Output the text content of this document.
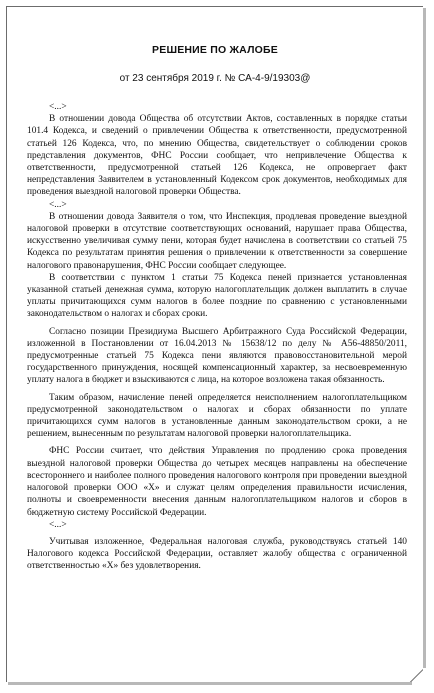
РЕШЕНИЕ ПО ЖАЛОБЕ
от 23 сентября 2019 г. № СА-4-9/19303@

<...>

В отношении довода Общества об отсутствии Актов, составленных в порядке статьи 101.4 Кодекса, и сведений о привлечении Общества к ответственности, предусмотренной статьей 126 Кодекса, что, по мнению Общества, свидетельствует о соблюдении сроков представления документов, ФНС России сообщает, что непривлечение Общества к ответственности, предусмотренной статьей 126 Кодекса, не опровергает факт непредставления Заявителем в установленный Кодексом срок документов, необходимых для проведения выездной налоговой проверки Общества.

<...>

В отношении довода Заявителя о том, что Инспекция, продлевая проведение выездной налоговой проверки в отсутствие соответствующих оснований, нарушает права Общества, искусственно увеличивая сумму пени, которая будет начислена в соответствии со статьей 75 Кодекса по результатам принятия решения о привлечении к ответственности за совершение налогового правонарушения, ФНС России сообщает следующее.

В соответствии с пунктом 1 статьи 75 Кодекса пеней признается установленная указанной статьей денежная сумма, которую налогоплательщик должен выплатить в случае уплаты причитающихся сумм налогов в более поздние по сравнению с установленными законодательством о налогах и сборах сроки.

Согласно позиции Президиума Высшего Арбитражного Суда Российской Федерации, изложенной в Постановлении от 16.04.2013 № 15638/12 по делу № А56-48850/2011, предусмотренные статьей 75 Кодекса пени являются правовосстановительной мерой государственного принуждения, носящей компенсационный характер, за несвоевременную уплату налога в бюджет и взыскиваются с лица, на которое возложена такая обязанность.

Таким образом, начисление пеней определяется неисполнением налогоплательщиком предусмотренной законодательством о налогах и сборах обязанности по уплате причитающихся сумм налогов в установленные данным законодательством сроки, а не решением, вынесенным по результатам налоговой проверки налогоплательщика.

ФНС России считает, что действия Управления по продлению срока проведения выездной налоговой проверки Общества до четырех месяцев направлены на обеспечение всестороннего и наиболее полного проведения налогового контроля при проведении выездной налоговой проверки ООО «Х» и служат целям определения правильности исчисления, полноты и своевременности внесения данным налогоплательщиком налогов и сборов в бюджетную систему Российской Федерации.

<...>

Учитывая изложенное, Федеральная налоговая служба, руководствуясь статьей 140 Налогового кодекса Российской Федерации, оставляет жалобу общества с ограниченной ответственностью «Х» без удовлетворения.
